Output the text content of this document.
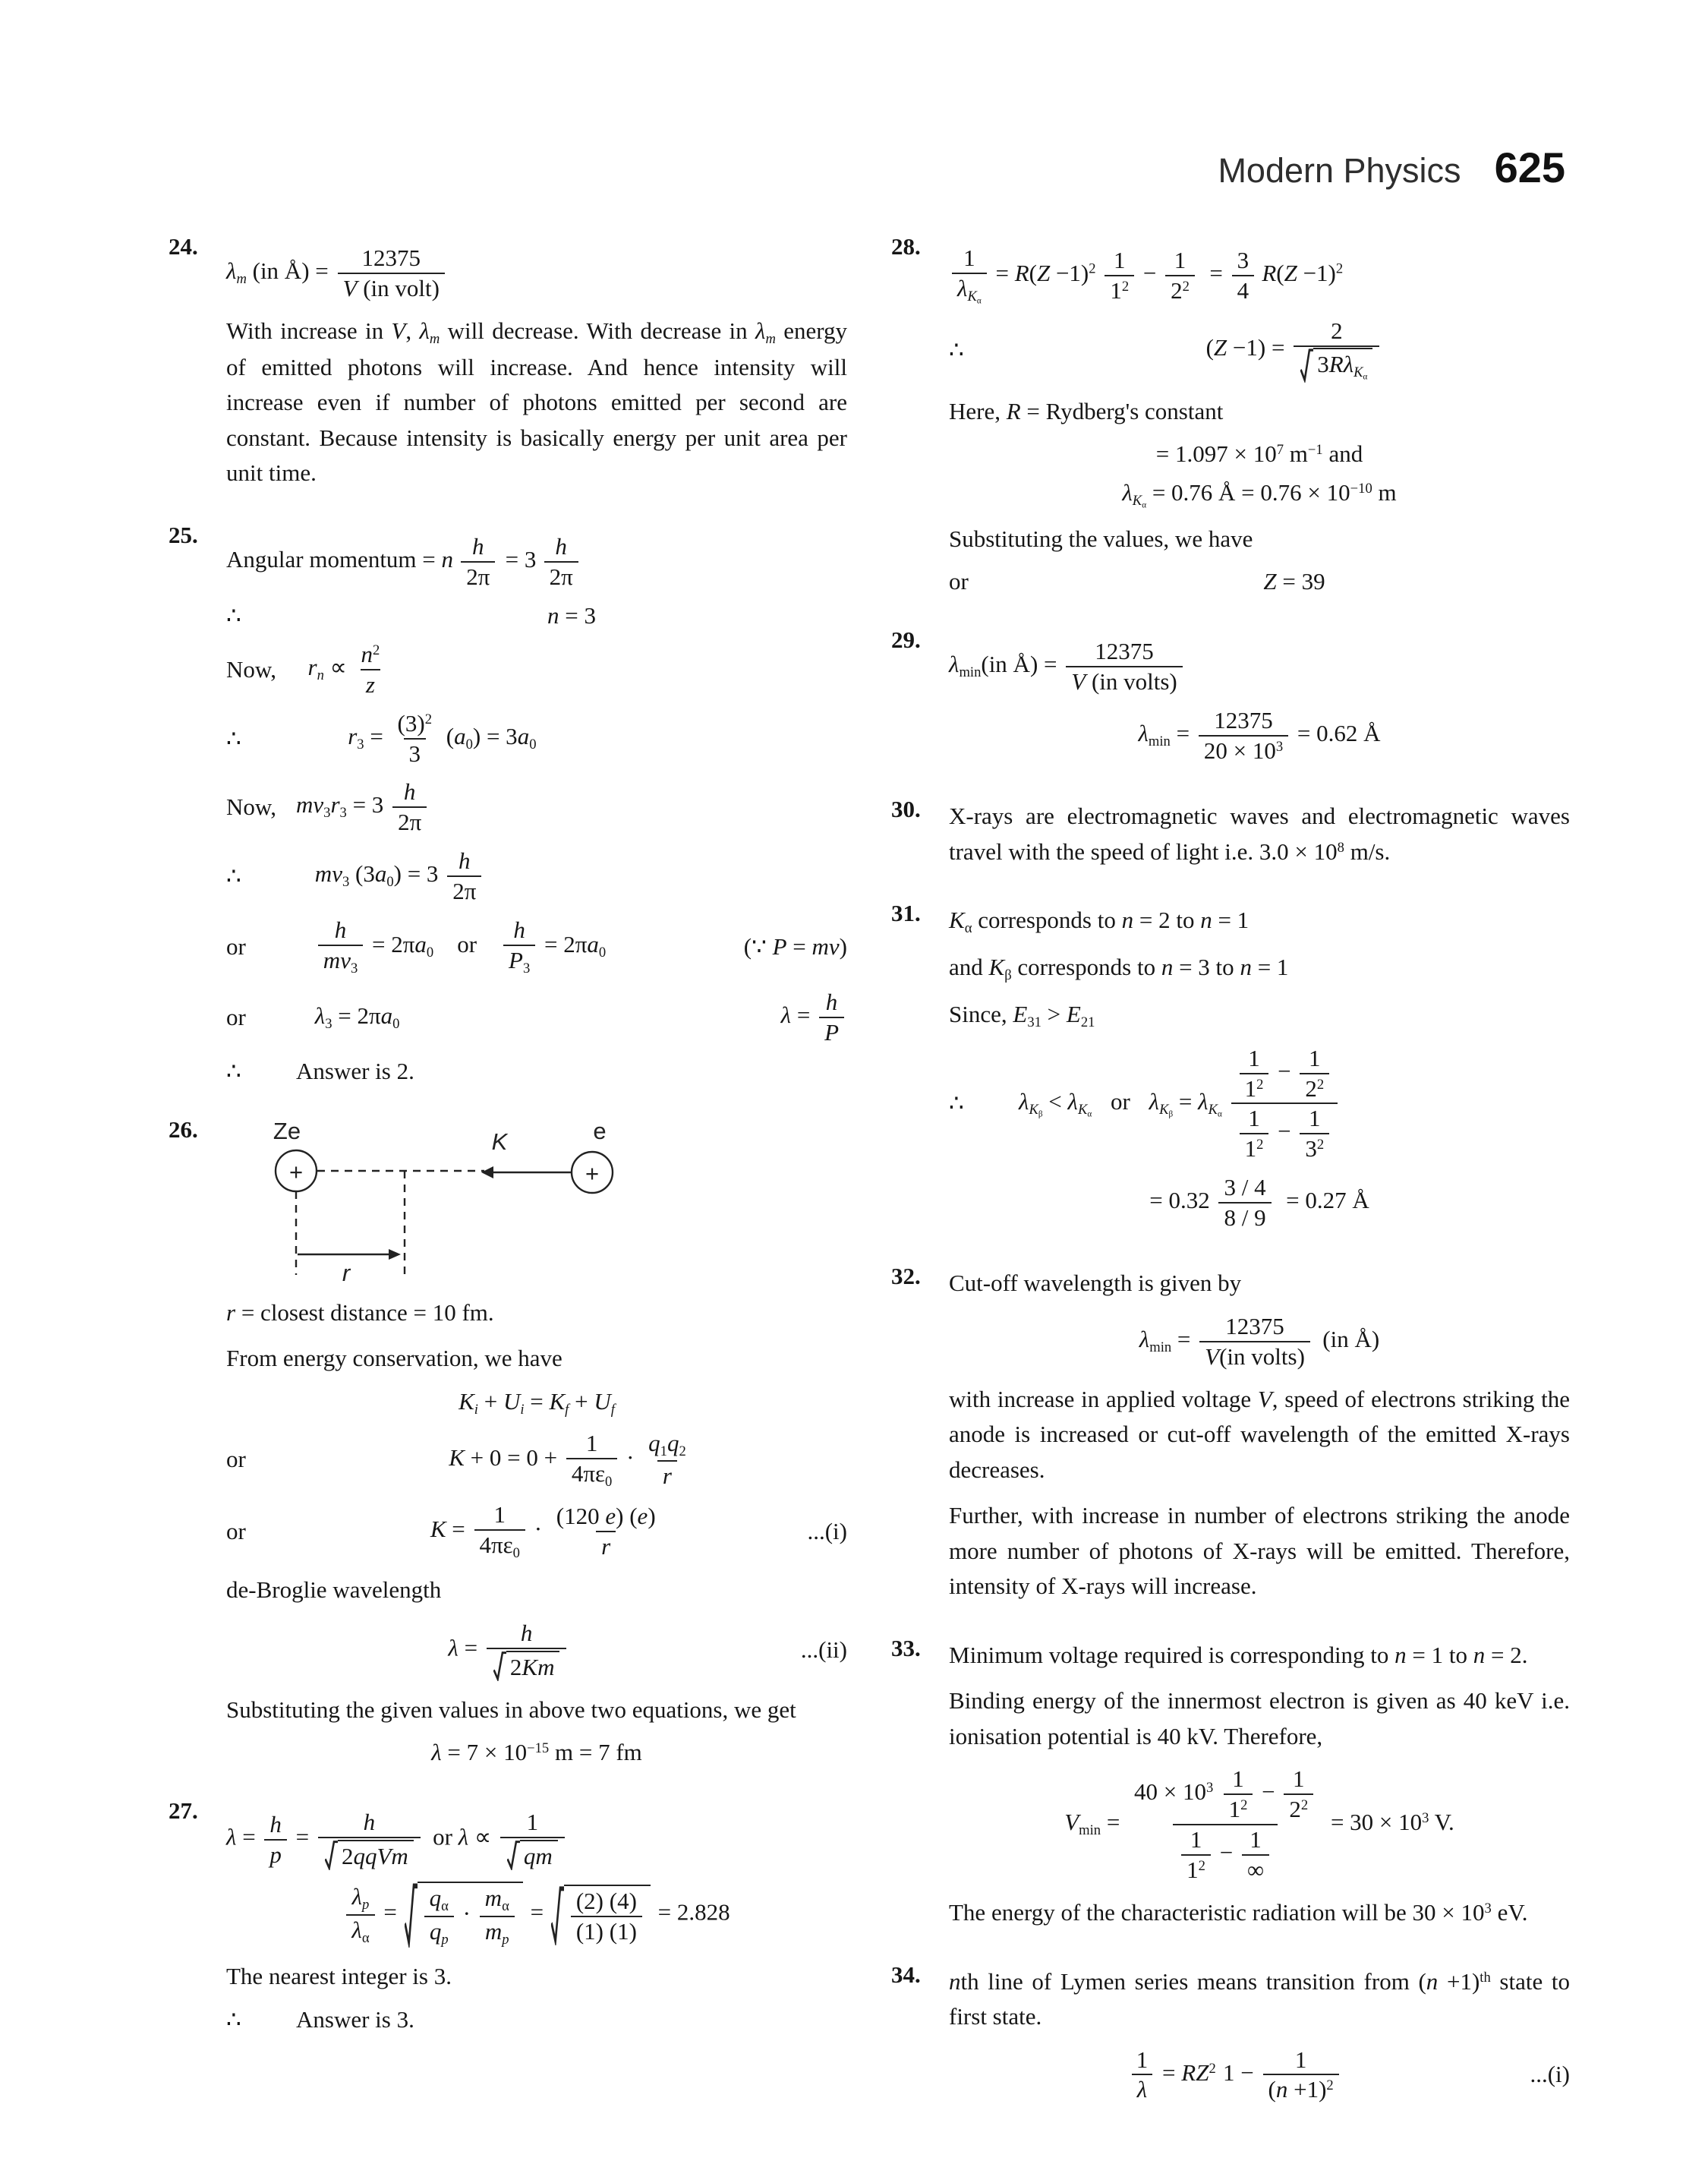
Modern Physics 625
24.
λm (in Å) = 12375
V (in volt)
With increase in V, λm will decrease. With decrease in λm energy of emitted photons will increase. And hence intensity will increase even if number of photons emitted per second are constant. Because intensity is basically energy per unit area per unit time.
25.
Angular momentum = n $\frac{h}{2\pi} = 3 \frac{h}{2\pi}$
∴	n = 3
Now,	rn ∝ $\frac{n^2}{z}$
∴	$r3 = \frac{(3)^2}{3} (a0) = 3a0$
Now, $mv3r3 = 3 \frac{h}{2\pi}$
∴	mv3 $(3a0) = 3 \frac{h}{2\pi}$
or	$\frac{h}{mv3} = 2\pi a0$ or $\frac{h}{P3} = 2\pi a0$	(∵ P = mv)
or	λ3 = 2πa0	$\lambda = \frac{h}{P}$
∴	Answer is 2.
26.	Ze	e
+	+
K
r
r = closest distance = 10 fm.
From energy conservation, we have
Ki + Ui = Kf + Uf
or	$K + 0 = 0 + \frac{1}{4\pi\varepsilon 0} \cdot \frac{q1q2}{r}$
or	$K = \frac{1}{4\pi\varepsilon 0} \cdot \frac{(120 e) (e)}{r}$	...(i)
de-Broglie wavelength
$\lambda = \frac{h}{2Km}$	...(ii)
Substituting the given values in above two equations, we get
$\lambda = 7 \times 10^{-15}$ m = 7 fm
27.
$\lambda = \frac{h}{p}$ =
h
2qqVm
or $\lambda \propto \frac{1}{qm}$
$\frac{\lambda p}{\lambda\alpha} = \frac{q\alpha}{qp} \cdot \frac{m\alpha}{mp} = \frac{(2) (4)}{(1) (1)} = 2.828$
The nearest integer is 3.
∴	Answer is 3.
28.	1
λKα
= $R(Z -1)^2 \frac{1}{1^2} - \frac{1}{2^2} = \frac{3}{4} R(Z -1)^2$
∴	(Z −1) =
2
3RλKα
Here, R = Rydberg's constant
= $1.097 \times 10^7$ $m^{-1}$ and
λKα = 0.76 Å = $0.76 \times 10^{-10}$ m
Substituting the values, we have
or	Z = 39
29.
λmin(in Å) = 12375
V (in volts)
$\lambda\min = \frac{12375}{20 \times 10^3} = 0.62$ Å
30.	X-rays are electromagnetic waves and electromagnetic waves travel with the speed of light i.e. $3.0 \times 10^8$ m/s.
31.	Kα corresponds to n = 2 to n = 1
and Kβ corresponds to n = 3 to n = 1
Since, E31 > E21
∴	λKβ < λKα or λKβ = λKα $\frac{\frac{1}{1^2} - \frac{1}{2^2}}{\frac{1}{1^2} - \frac{1}{3^2}}$
= $0.32 \frac{3 / 4}{8 / 9} = 0.27$ Å
32.	Cut-off wavelength is given by
λmin = 12375
V(in volts)
(in Å)
with increase in applied voltage V, speed of electrons striking the anode is increased or cut-off wavelength of the emitted X-rays decreases.
Further, with increase in number of electrons striking the anode more number of photons of X-rays will be emitted. Therefore, intensity of X-rays will increase.
33.	Minimum voltage required is corresponding to n = 1 to n = 2.
Binding energy of the innermost electron is given as 40 keV i.e. ionisation potential is 40 kV. Therefore,
$Vmin = 40 \times 10^3 \frac{1}{1^2} - \frac{1}{2^2}$
$\frac{1}{1^2} - 1$
∞ = $30 \times 10^3$ V.
The energy of the characteristic radiation will be $30 \times 10^3$ eV.
34.	nth line of Lymen series means transition from $(n +1)^{th}$ state to first state.
$\frac{1}{\lambda} = RZ^2$ $1 - \frac{1}{(n +1)^2}$	...(i)
